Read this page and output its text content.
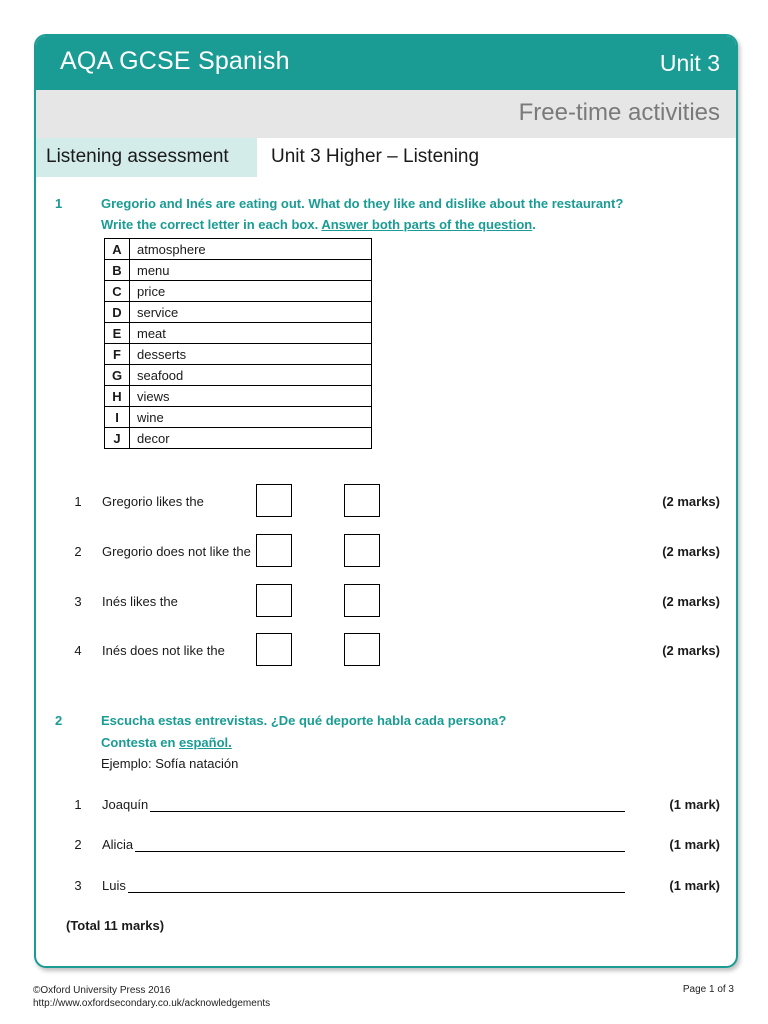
AQA GCSE Spanish	Unit 3
Free-time activities
Listening assessment Unit 3 Higher – Listening
1	Gregorio and Inés are eating out. What do they like and dislike about the restaurant?
Write the correct letter in each box. Answer both parts of the question.
A	atmosphere
B	menu
C	price
D	service
E	meat
F	desserts
G	seafood
H	views
I	wine
J	decor
1	Gregorio likes the	(2 marks)
2	Gregorio does not like the	(2 marks)
3	Inés likes the	(2 marks)
4	Inés does not like the	(2 marks)
2	Escucha estas entrevistas. ¿De qué deporte habla cada persona?
Contesta en español.
Ejemplo: Sofía natación
1	Joaquín	(1 mark)
2	Alicia	(1 mark)
3	Luis	(1 mark)
(Total 11 marks)
©Oxford University Press 2016
http://www.oxfordsecondary.co.uk/acknowledgements
Page 1 of 3
